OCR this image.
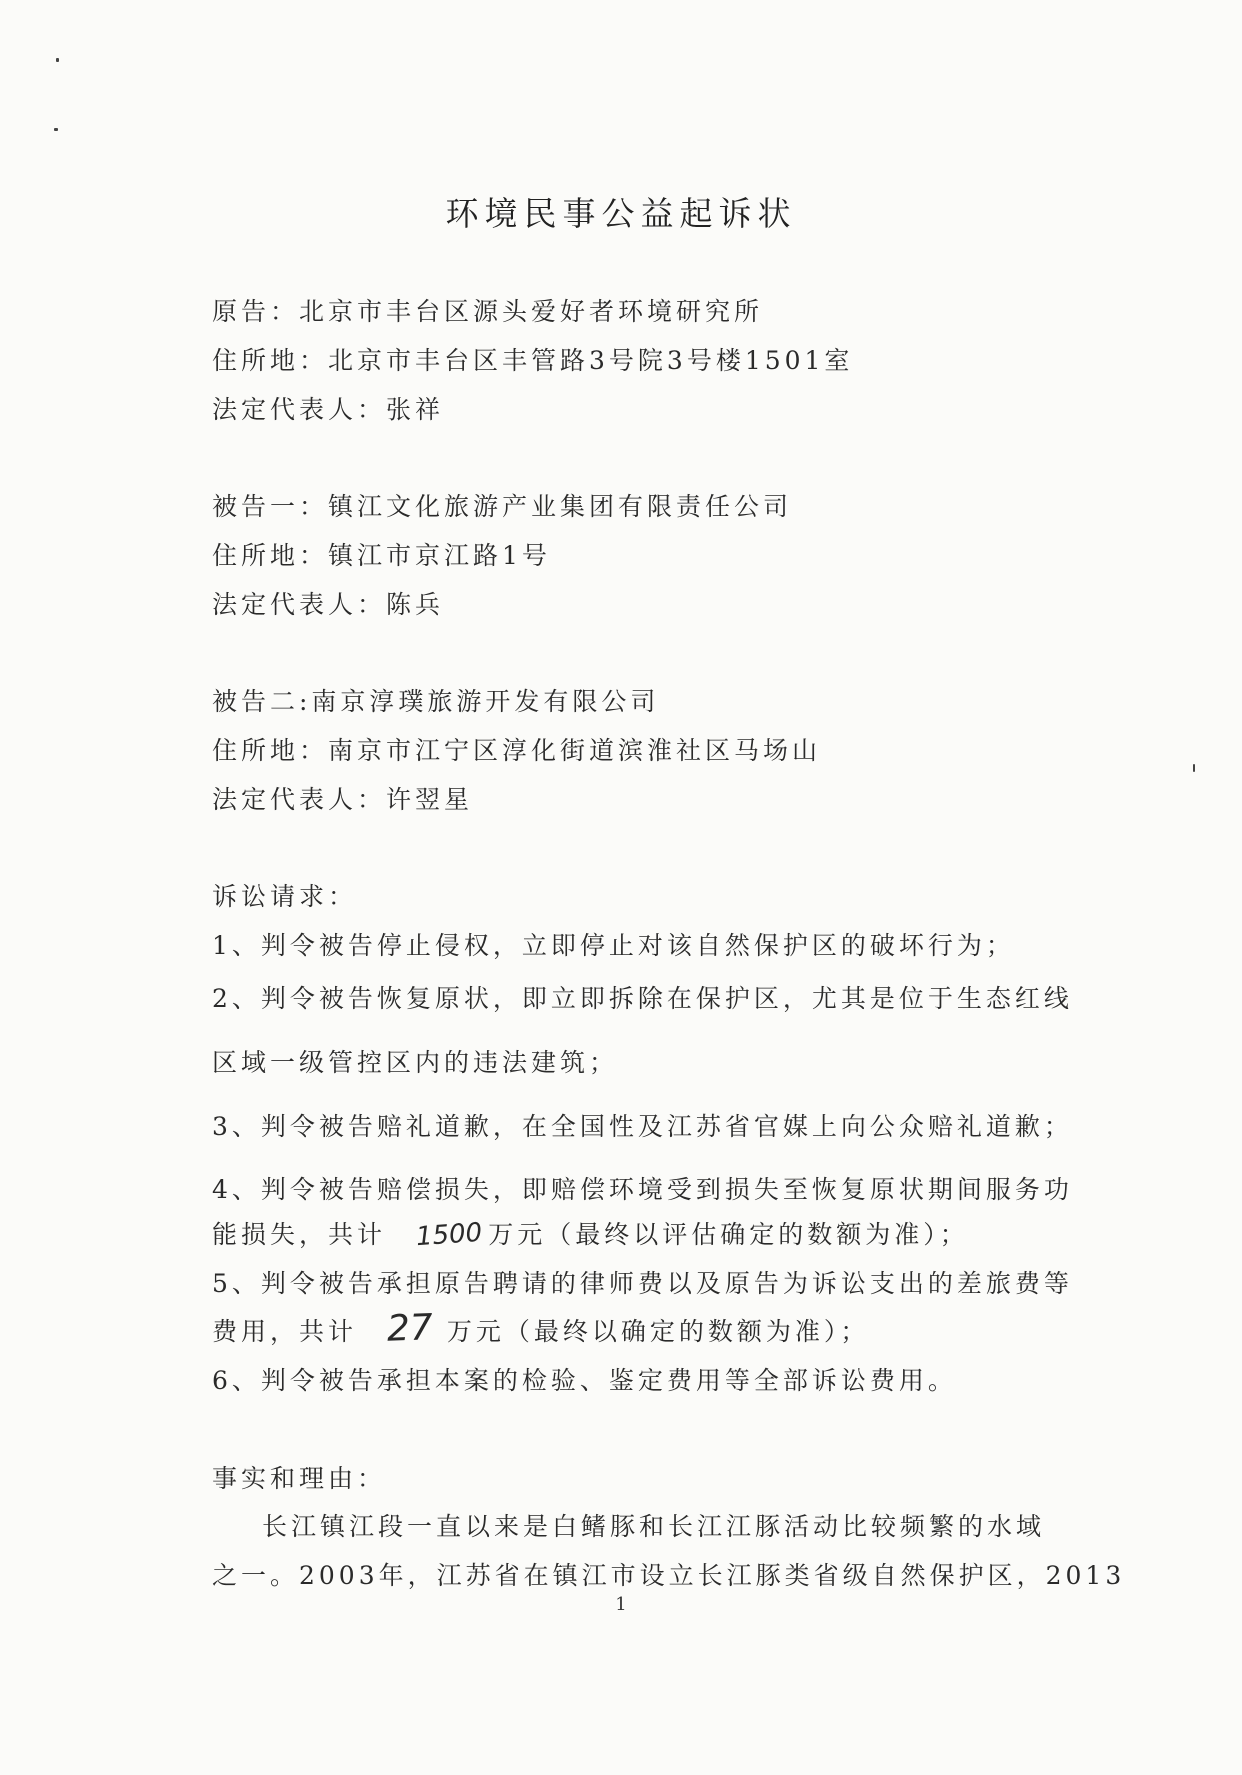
环境民事公益起诉状
原告：北京市丰台区源头爱好者环境研究所
住所地：北京市丰台区丰管路3号院3号楼1501室
法定代表人：张祥
被告一：镇江文化旅游产业集团有限责任公司
住所地：镇江市京江路1号
法定代表人：陈兵
被告二:南京淳璞旅游开发有限公司
住所地：南京市江宁区淳化街道滨淮社区马场山
法定代表人：许翌星
诉讼请求：
1、判令被告停止侵权，立即停止对该自然保护区的破坏行为；
2、判令被告恢复原状，即立即拆除在保护区，尤其是位于生态红线
区域一级管控区内的违法建筑；
3、判令被告赔礼道歉，在全国性及江苏省官媒上向公众赔礼道歉；
4、判令被告赔偿损失，即赔偿环境受到损失至恢复原状期间服务功
能损失，共计 1500 万元（最终以评估确定的数额为准）；
5、判令被告承担原告聘请的律师费以及原告为诉讼支出的差旅费等
费用，共计 27 万元（最终以确定的数额为准）；
6、判令被告承担本案的检验、鉴定费用等全部诉讼费用。
事实和理由：
长江镇江段一直以来是白鳍豚和长江江豚活动比较频繁的水域
之一。2003年，江苏省在镇江市设立长江豚类省级自然保护区，2013
1
